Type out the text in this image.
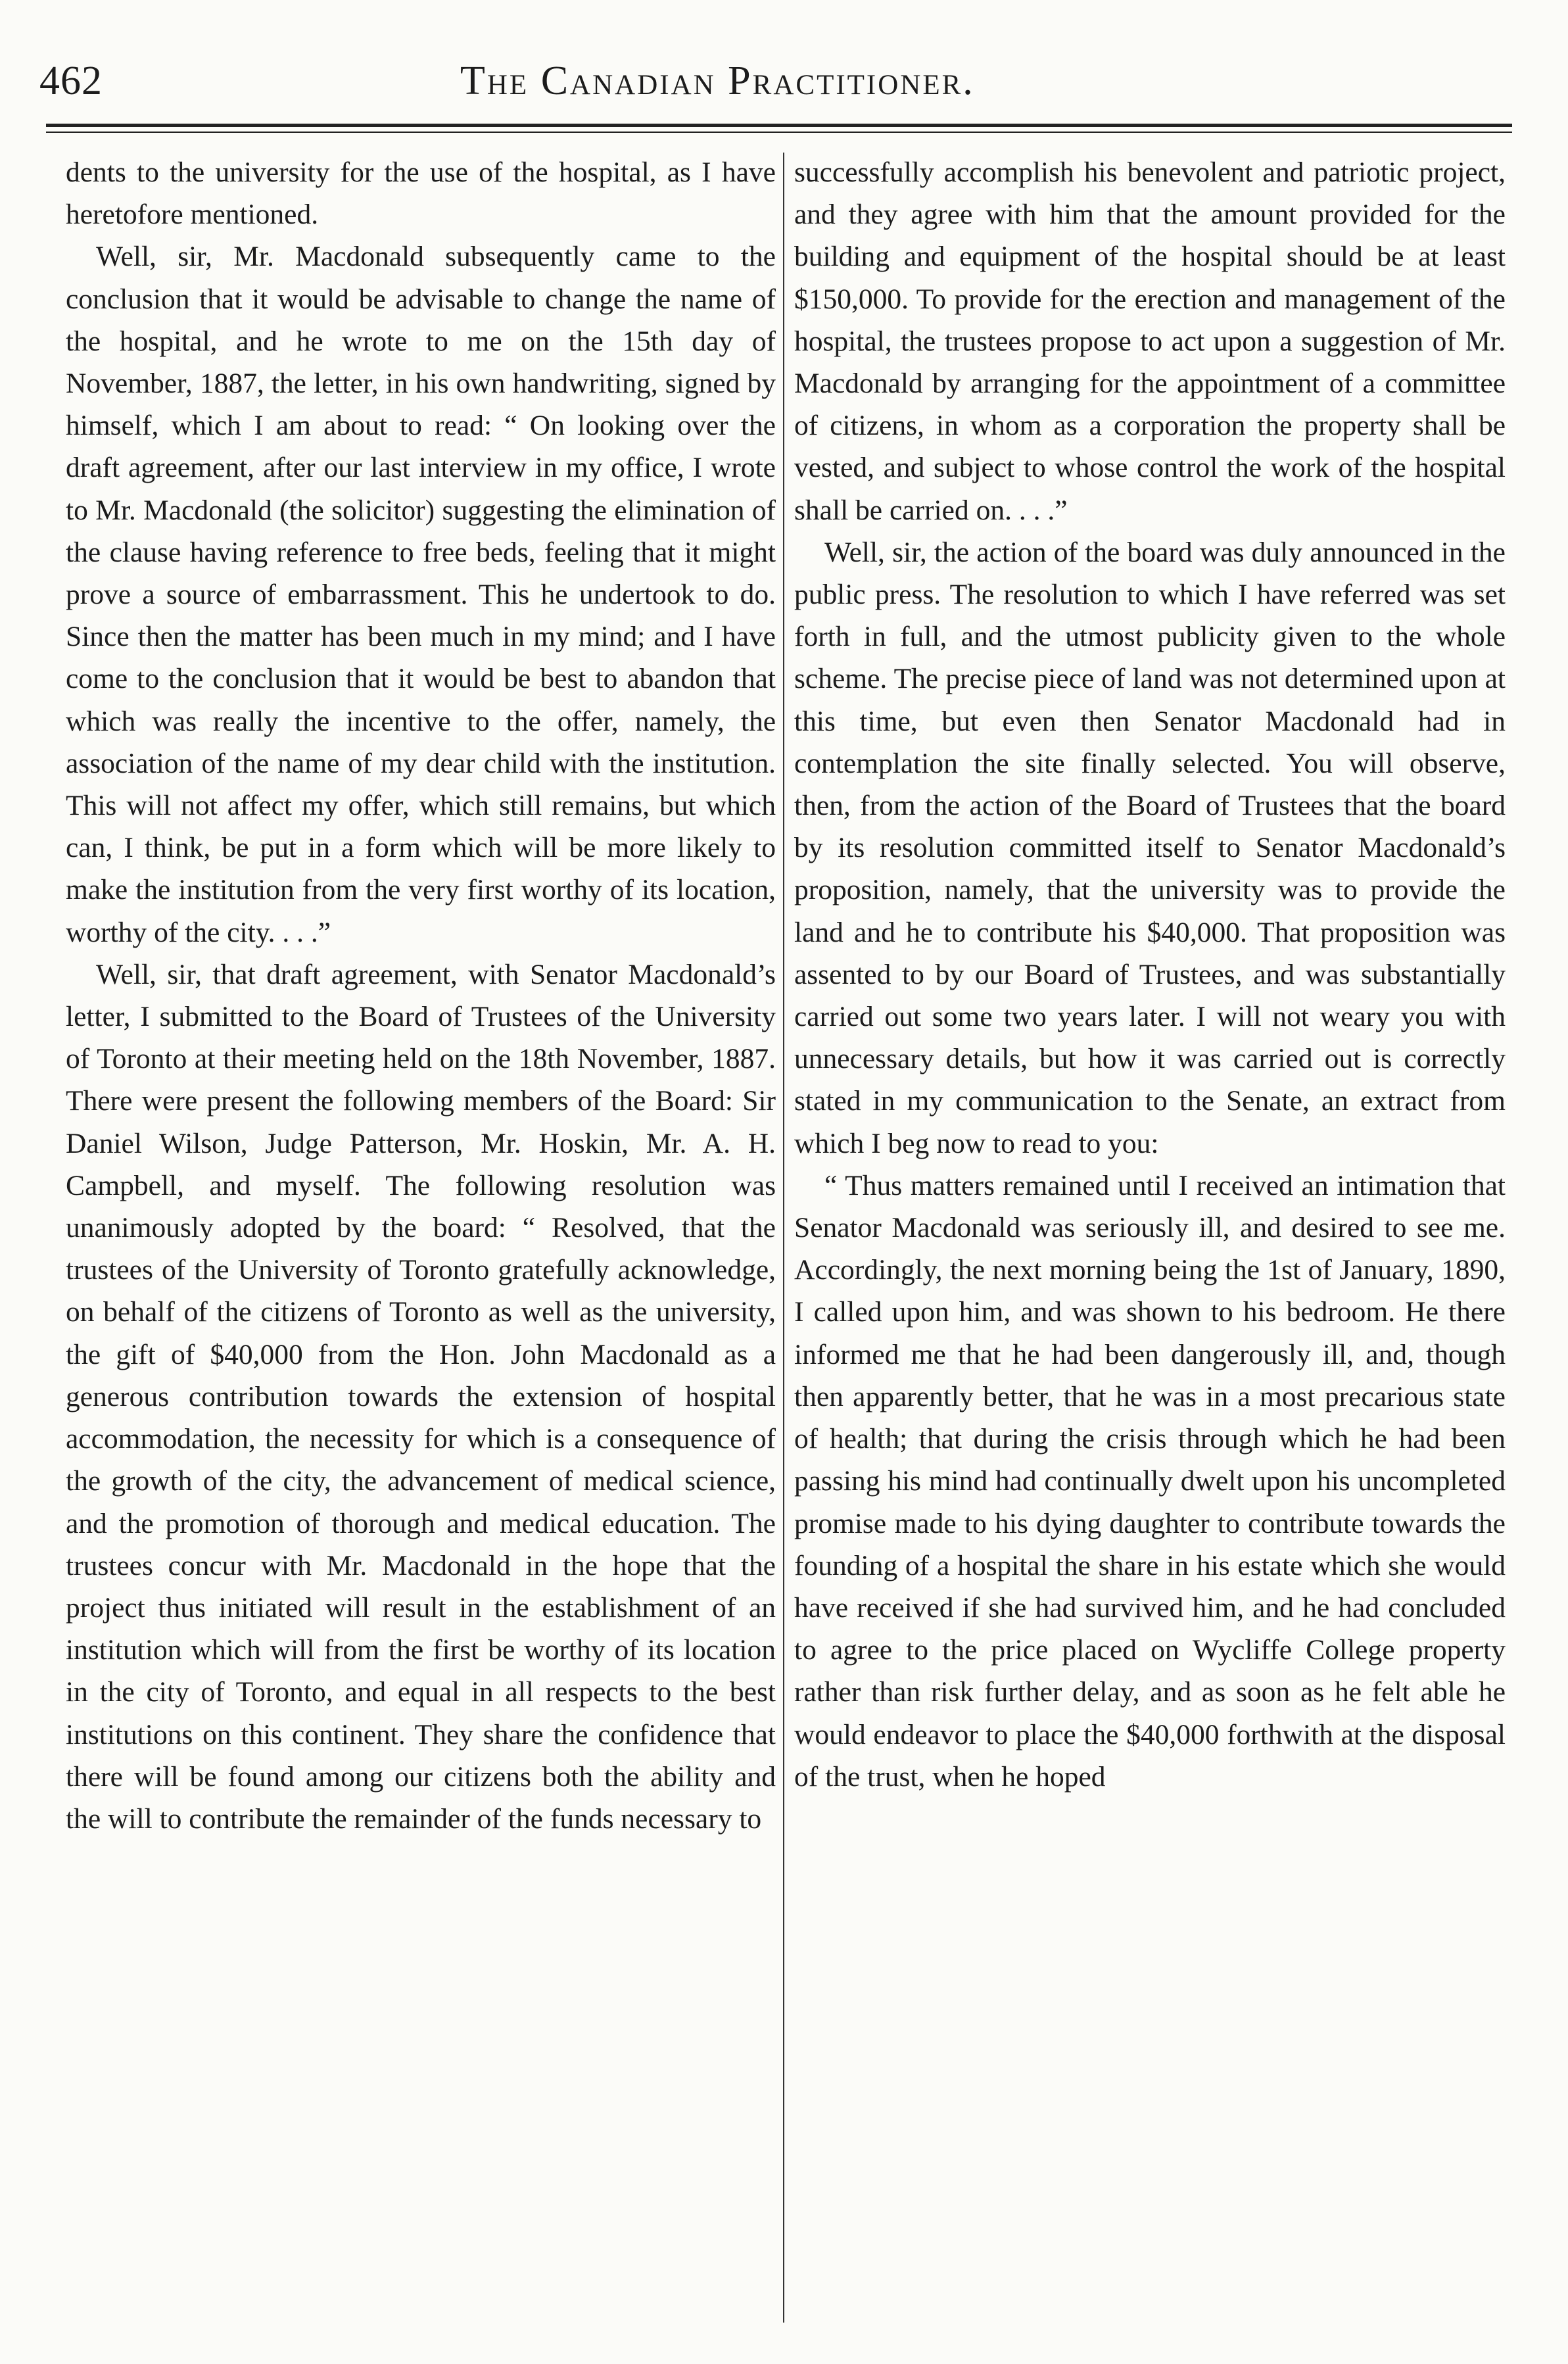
462	The Canadian Practitioner.

dents to the university for the use of the hospital, as I have heretofore mentioned.

Well, sir, Mr. Macdonald subsequently came to the conclusion that it would be advisable to change the name of the hospital, and he wrote to me on the 15th day of November, 1887, the letter, in his own handwriting, signed by himself, which I am about to read: “ On looking over the draft agreement, after our last interview in my office, I wrote to Mr. Macdonald (the solicitor) suggesting the elimination of the clause having reference to free beds, feeling that it might prove a source of embarrassment. This he undertook to do. Since then the matter has been much in my mind; and I have come to the conclusion that it would be best to abandon that which was really the incentive to the offer, namely, the association of the name of my dear child with the institution. This will not affect my offer, which still remains, but which can, I think, be put in a form which will be more likely to make the institution from the very first worthy of its location, worthy of the city. . . .”

Well, sir, that draft agreement, with Senator Macdonald’s letter, I submitted to the Board of Trustees of the University of Toronto at their meeting held on the 18th November, 1887. There were present the following members of the Board: Sir Daniel Wilson, Judge Patterson, Mr. Hoskin, Mr. A. H. Campbell, and myself. The following resolution was unanimously adopted by the board: “ Resolved, that the trustees of the University of Toronto gratefully acknowledge, on behalf of the citizens of Toronto as well as the university, the gift of $40,000 from the Hon. John Macdonald as a generous contribution towards the extension of hospital accommodation, the necessity for which is a consequence of the growth of the city, the advancement of medical science, and the promotion of thorough and medical education. The trustees concur with Mr. Macdonald in the hope that the project thus initiated will result in the establishment of an institution which will from the first be worthy of its location in the city of Toronto, and equal in all respects to the best institutions on this continent. They share the confidence that there will be found among our citizens both the ability and the will to contribute the remainder of the funds necessary to

successfully accomplish his benevolent and patriotic project, and they agree with him that the amount provided for the building and equipment of the hospital should be at least $150,000. To provide for the erection and management of the hospital, the trustees propose to act upon a suggestion of Mr. Macdonald by arranging for the appointment of a committee of citizens, in whom as a corporation the property shall be vested, and subject to whose control the work of the hospital shall be carried on. . . .”

Well, sir, the action of the board was duly announced in the public press. The resolution to which I have referred was set forth in full, and the utmost publicity given to the whole scheme. The precise piece of land was not determined upon at this time, but even then Senator Macdonald had in contemplation the site finally selected. You will observe, then, from the action of the Board of Trustees that the board by its resolution committed itself to Senator Macdonald’s proposition, namely, that the university was to provide the land and he to contribute his $40,000. That proposition was assented to by our Board of Trustees, and was substantially carried out some two years later. I will not weary you with unnecessary details, but how it was carried out is correctly stated in my communication to the Senate, an extract from which I beg now to read to you:

“ Thus matters remained until I received an intimation that Senator Macdonald was seriously ill, and desired to see me. Accordingly, the next morning being the 1st of January, 1890, I called upon him, and was shown to his bedroom. He there informed me that he had been dangerously ill, and, though then apparently better, that he was in a most precarious state of health; that during the crisis through which he had been passing his mind had continually dwelt upon his uncompleted promise made to his dying daughter to contribute towards the founding of a hospital the share in his estate which she would have received if she had survived him, and he had concluded to agree to the price placed on Wycliffe College property rather than risk further delay, and as soon as he felt able he would endeavor to place the $40,000 forthwith at the disposal of the trust, when he hoped
